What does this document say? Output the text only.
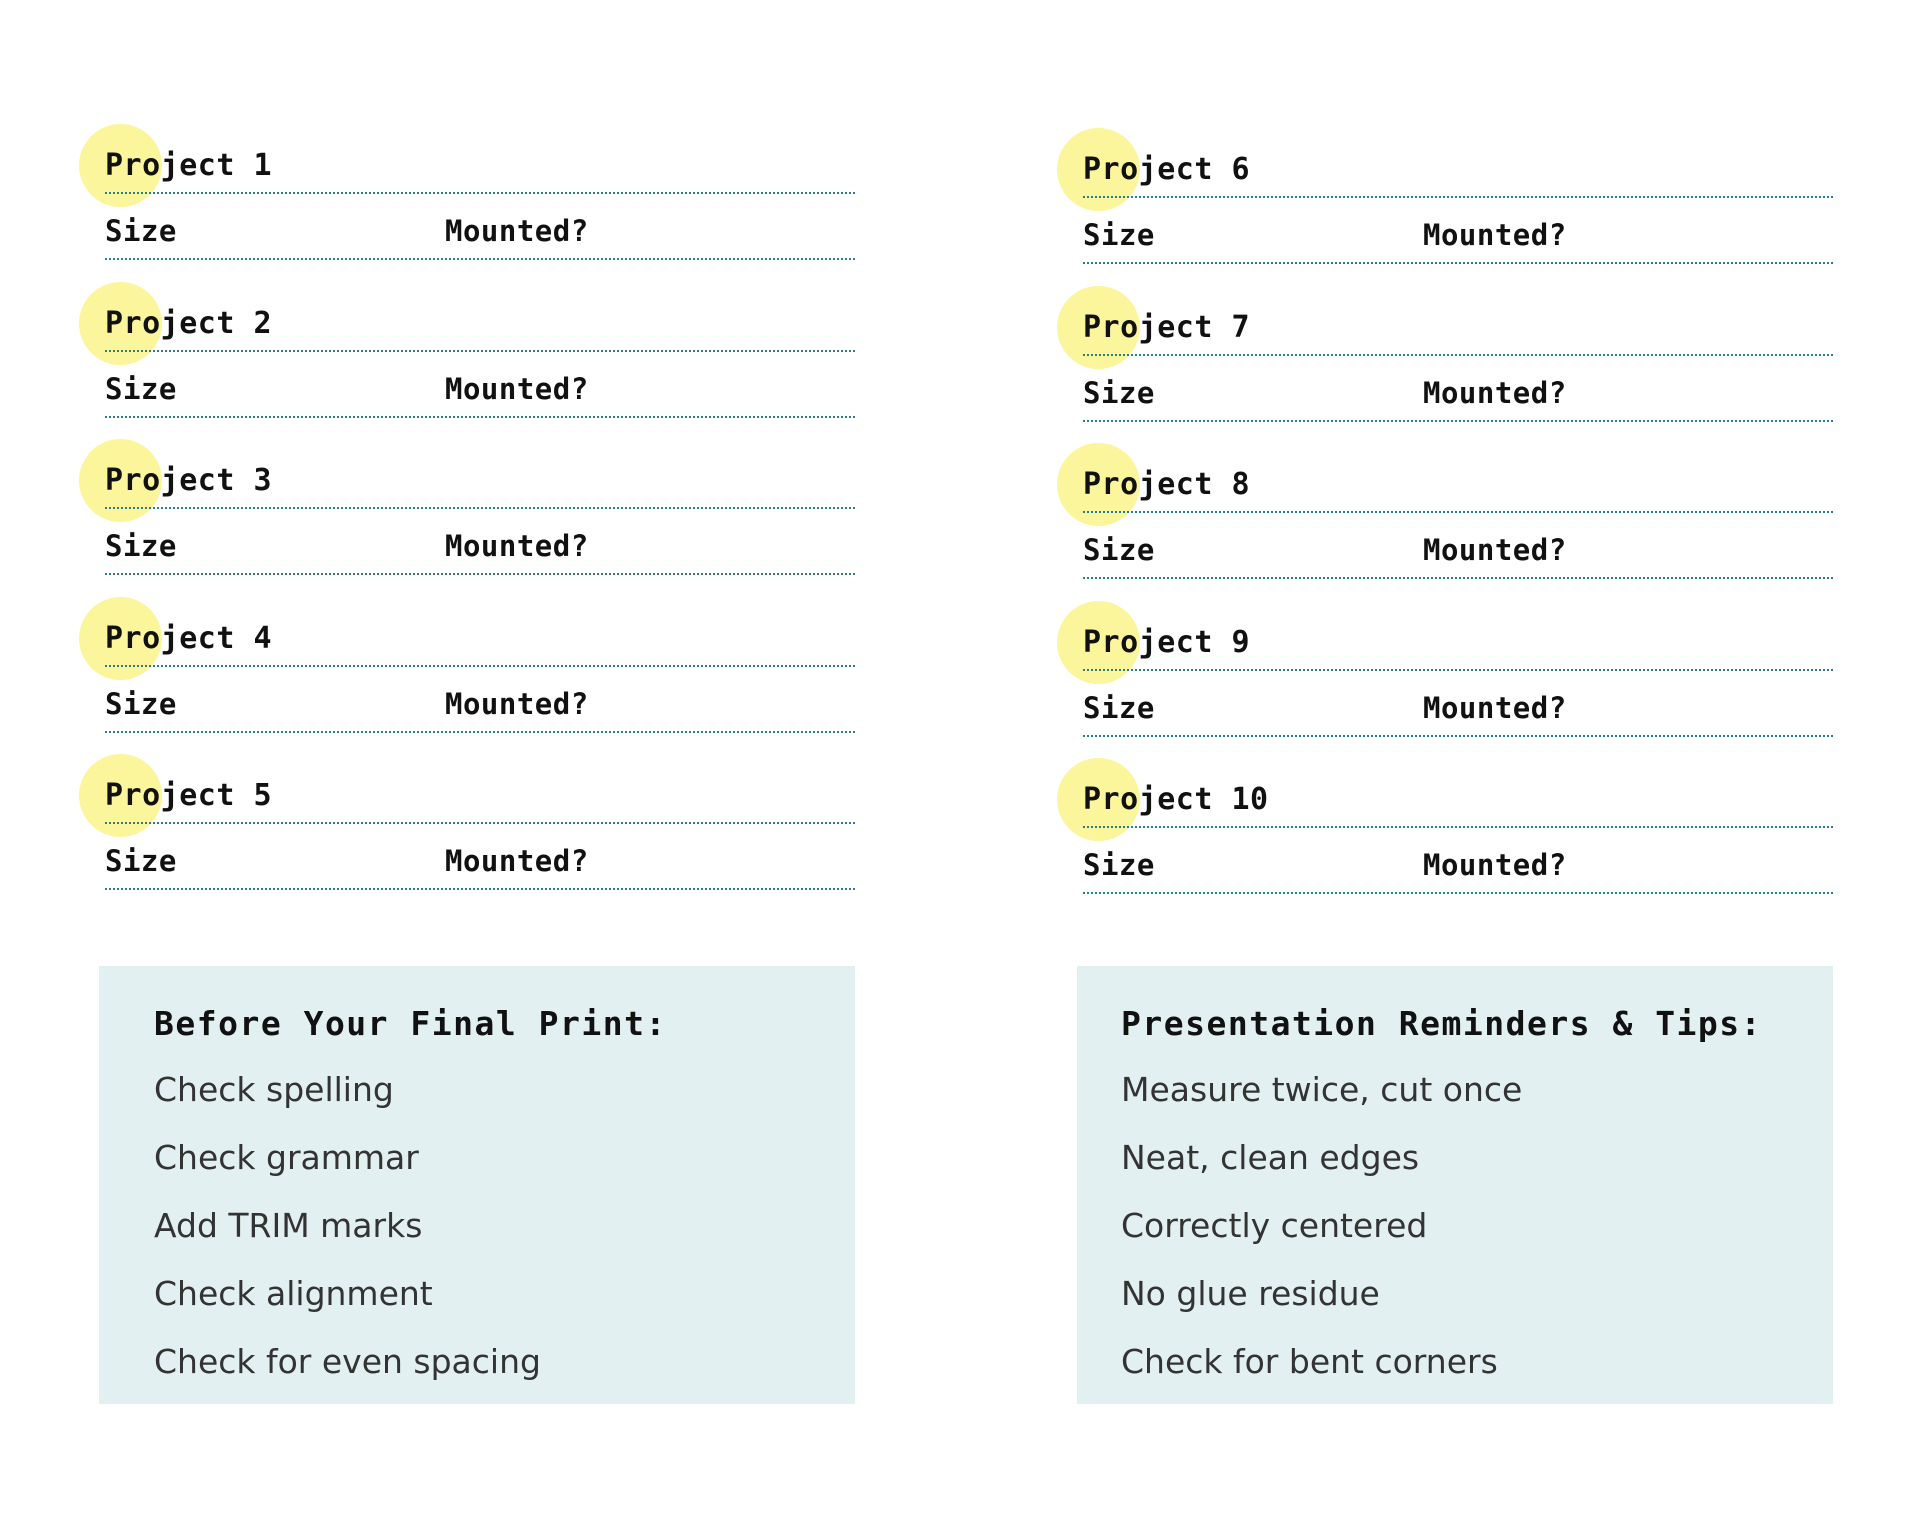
Project 1
Size	Mounted?
Project 2
Size	Mounted?
Project 3
Size	Mounted?
Project 4
Size	Mounted?
Project 5
Size	Mounted?
Project 6
Size	Mounted?
Project 7
Size	Mounted?
Project 8
Size	Mounted?
Project 9
Size	Mounted?
Project 10
Size	Mounted?
Before Your Final Print:
Check spelling
Check grammar
Add TRIM marks
Check alignment
Check for even spacing
Presentation Reminders & Tips:
Measure twice, cut once
Neat, clean edges
Correctly centered
No glue residue
Check for bent corners
